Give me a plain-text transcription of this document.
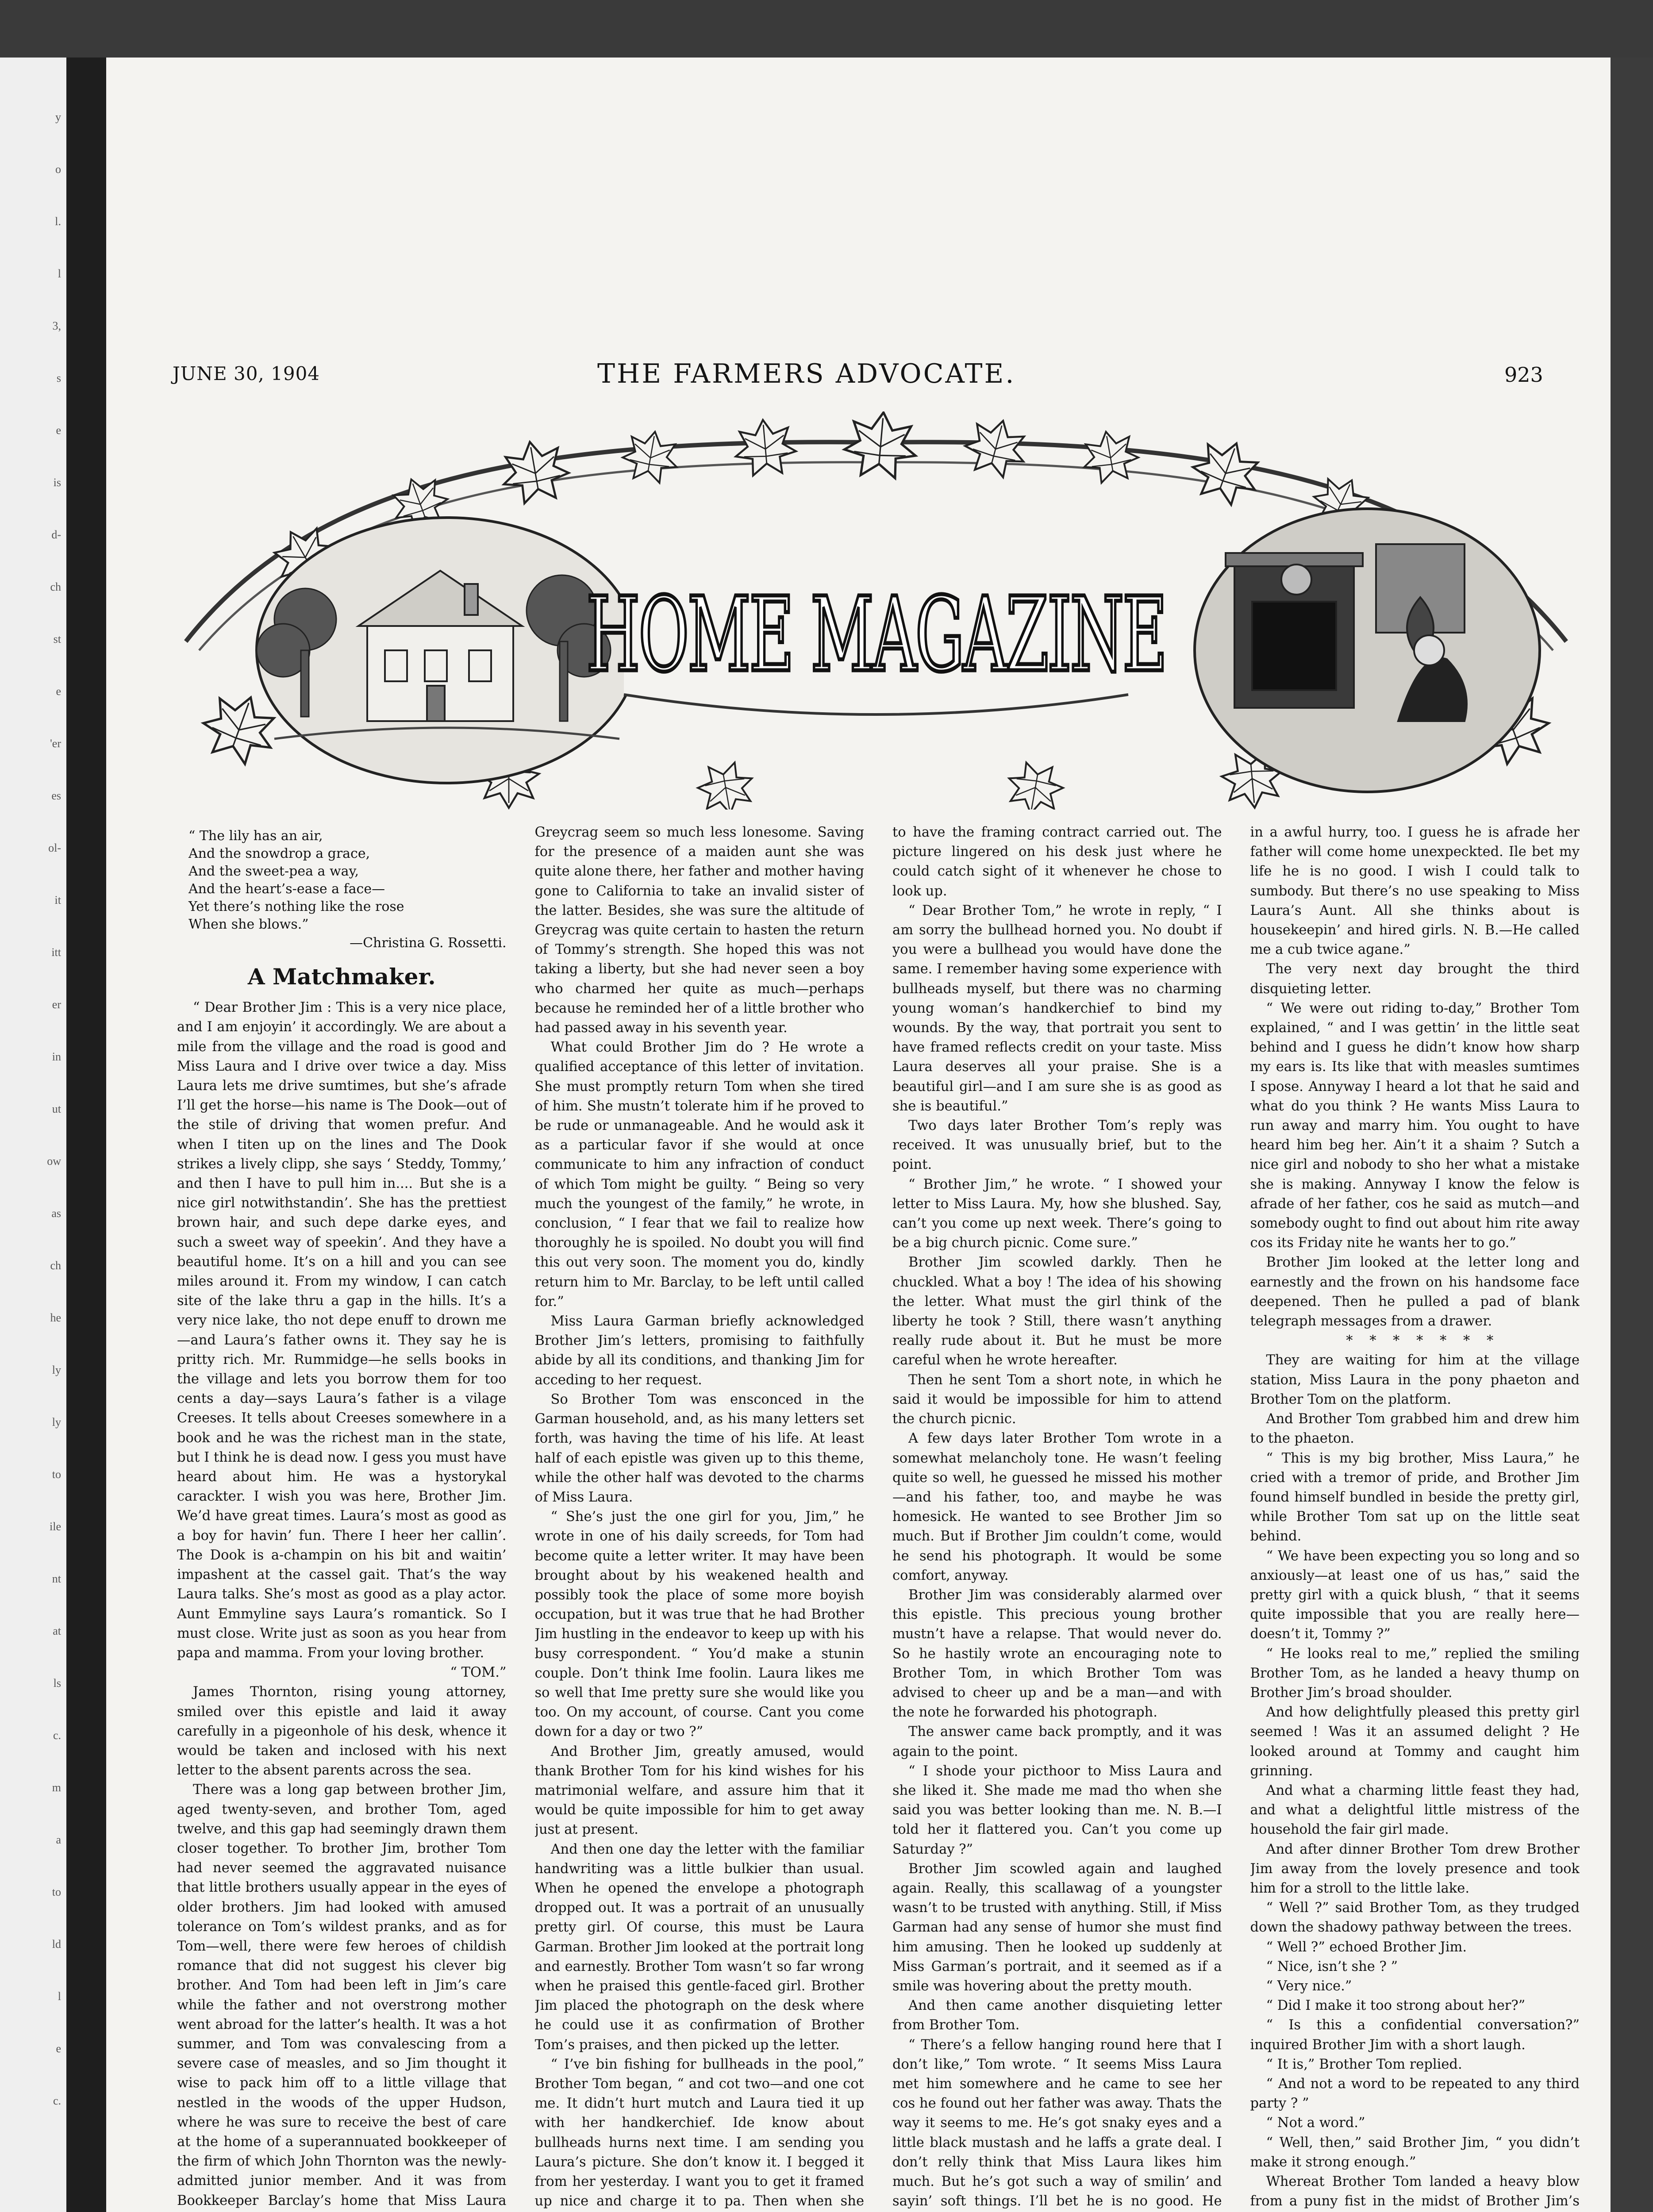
y
o
l.
l
3,
s
e
is
d-
ch
st
e
'er
es
ol-
it
itt
er
in
ut
ow
as
ch
he
ly
ly
to
ile
nt
at
ls
c.
m
a
to
ld
l
e
c.
JUNE 30, 1904	THE FARMERS ADVOCATE.	923
HOME MAGAZINE
“ The lily has an air,
And the snowdrop a grace,
And the sweet-pea a way,
And the heart’s-ease a face—
Yet there’s nothing like the rose
When she blows.”
—Christina G. Rossetti.
A Matchmaker.

“ Dear Brother Jim : This is a very nice place, and I am enjoyin’ it accordingly. We are about a mile from the village and the road is good and Miss Laura and I drive over twice a day. Miss Laura lets me drive sumtimes, but she’s afrade I’ll get the horse—his name is The Dook—out of the stile of driving that women prefur. And when I titen up on the lines and The Dook strikes a lively clipp, she says ‘ Steddy, Tommy,’ and then I have to pull him in.... But she is a nice girl notwithstandin’. She has the prettiest brown hair, and such depe darke eyes, and such a sweet way of speekin’. And they have a beautiful home. It’s on a hill and you can see miles around it. From my window, I can catch site of the lake thru a gap in the hills. It’s a very nice lake, tho not depe enuff to drown me—and Laura’s father owns it. They say he is pritty rich. Mr. Rummidge—he sells books in the village and lets you borrow them for too cents a day—says Laura’s father is a vilage Creeses. It tells about Creeses somewhere in a book and he was the richest man in the state, but I think he is dead now. I gess you must have heard about him. He was a hystorykal carackter. I wish you was here, Brother Jim. We’d have great times. Laura’s most as good as a boy for havin’ fun. There I heer her callin’. The Dook is a-champin on his bit and waitin’ impashent at the cassel gait. That’s the way Laura talks. She’s most as good as a play actor. Aunt Emmyline says Laura’s romantick. So I must close. Write just as soon as you hear from papa and mamma. From your loving brother.

“ TOM.”

James Thornton, rising young attorney, smiled over this epistle and laid it away carefully in a pigeonhole of his desk, whence it would be taken and inclosed with his next letter to the absent parents across the sea.

There was a long gap between brother Jim, aged twenty-seven, and brother Tom, aged twelve, and this gap had seemingly drawn them closer together. To brother Jim, brother Tom had never seemed the aggravated nuisance that little brothers usually appear in the eyes of older brothers. Jim had looked with amused tolerance on Tom’s wildest pranks, and as for Tom—well, there were few heroes of childish romance that did not suggest his clever big brother. And Tom had been left in Jim’s care while the father and not overstrong mother went abroad for the latter’s health. It was a hot summer, and Tom was convalescing from a severe case of measles, and so Jim thought it wise to pack him off to a little village that nestled in the woods of the upper Hudson, where he was sure to receive the best of care at the home of a superannuated bookkeeper of the firm of which John Thornton was the newly-admitted junior member. And it was from Bookkeeper Barclay’s home that Miss Laura

Greycrag seem so much less lonesome. Saving for the presence of a maiden aunt she was quite alone there, her father and mother having gone to California to take an invalid sister of the latter. Besides, she was sure the altitude of Greycrag was quite certain to hasten the return of Tommy’s strength. She hoped this was not taking a liberty, but she had never seen a boy who charmed her quite as much—perhaps because he reminded her of a little brother who had passed away in his seventh year.

What could Brother Jim do ? He wrote a qualified acceptance of this letter of invitation. She must promptly return Tom when she tired of him. She mustn’t tolerate him if he proved to be rude or unmanageable. And he would ask it as a particular favor if she would at once communicate to him any infraction of conduct of which Tom might be guilty. “ Being so very much the youngest of the family,” he wrote, in conclusion, “ I fear that we fail to realize how thoroughly he is spoiled. No doubt you will find this out very soon. The moment you do, kindly return him to Mr. Barclay, to be left until called for.”

Miss Laura Garman briefly acknowledged Brother Jim’s letters, promising to faithfully abide by all its conditions, and thanking Jim for acceding to her request.

So Brother Tom was ensconced in the Garman household, and, as his many letters set forth, was having the time of his life. At least half of each epistle was given up to this theme, while the other half was devoted to the charms of Miss Laura.

“ She’s just the one girl for you, Jim,” he wrote in one of his daily screeds, for Tom had become quite a letter writer. It may have been brought about by his weakened health and possibly took the place of some more boyish occupation, but it was true that he had Brother Jim hustling in the endeavor to keep up with his busy correspondent. “ You’d make a stunin couple. Don’t think Ime foolin. Laura likes me so well that Ime pretty sure she would like you too. On my account, of course. Cant you come down for a day or two ?”

And Brother Jim, greatly amused, would thank Brother Tom for his kind wishes for his matrimonial welfare, and assure him that it would be quite impossible for him to get away just at present.

And then one day the letter with the familiar handwriting was a little bulkier than usual. When he opened the envelope a photograph dropped out. It was a portrait of an unusually pretty girl. Of course, this must be Laura Garman. Brother Jim looked at the portrait long and earnestly. Brother Tom wasn’t so far wrong when he praised this gentle-faced girl. Brother Jim placed the photograph on the desk where he could use it as confirmation of Brother Tom’s praises, and then picked up the letter.

“ I’ve bin fishing for bullheads in the pool,” Brother Tom began, “ and cot two—and one cot me. It didn’t hurt mutch and Laura tied it up with her handkerchief. Ide know about bullheads hurns next time. I am sending you Laura’s picture. She don’t know it. I begged it from her yesterday. I want you to get it framed up nice and charge it to pa. Then when she

to have the framing contract carried out. The picture lingered on his desk just where he could catch sight of it whenever he chose to look up.

“ Dear Brother Tom,” he wrote in reply, “ I am sorry the bullhead horned you. No doubt if you were a bullhead you would have done the same. I remember having some experience with bullheads myself, but there was no charming young woman’s handkerchief to bind my wounds. By the way, that portrait you sent to have framed reflects credit on your taste. Miss Laura deserves all your praise. She is a beautiful girl—and I am sure she is as good as she is beautiful.”

Two days later Brother Tom’s reply was received. It was unusually brief, but to the point.

“ Brother Jim,” he wrote. “ I showed your letter to Miss Laura. My, how she blushed. Say, can’t you come up next week. There’s going to be a big church picnic. Come sure.”

Brother Jim scowled darkly. Then he chuckled. What a boy ! The idea of his showing the letter. What must the girl think of the liberty he took ? Still, there wasn’t anything really rude about it. But he must be more careful when he wrote hereafter.

Then he sent Tom a short note, in which he said it would be impossible for him to attend the church picnic.

A few days later Brother Tom wrote in a somewhat melancholy tone. He wasn’t feeling quite so well, he guessed he missed his mother—and his father, too, and maybe he was homesick. He wanted to see Brother Jim so much. But if Brother Jim couldn’t come, would he send his photograph. It would be some comfort, anyway.

Brother Jim was considerably alarmed over this epistle. This precious young brother mustn’t have a relapse. That would never do. So he hastily wrote an encouraging note to Brother Tom, in which Brother Tom was advised to cheer up and be a man—and with the note he forwarded his photograph.

The answer came back promptly, and it was again to the point.

“ I shode your picthoor to Miss Laura and she liked it. She made me mad tho when she said you was better looking than me. N. B.—I told her it flattered you. Can’t you come up Saturday ?”

Brother Jim scowled again and laughed again. Really, this scallawag of a youngster wasn’t to be trusted with anything. Still, if Miss Garman had any sense of humor she must find him amusing. Then he looked up suddenly at Miss Garman’s portrait, and it seemed as if a smile was hovering about the pretty mouth.

And then came another disquieting letter from Brother Tom.

“ There’s a fellow hanging round here that I don’t like,” Tom wrote. “ It seems Miss Laura met him somewhere and he came to see her cos he found out her father was away. Thats the way it seems to me. He’s got snaky eyes and a little black mustash and he laffs a grate deal. I don’t relly think that Miss Laura likes him much. But he’s got such a way of smilin’ and sayin’ soft things. I’ll bet he is no good. He

in a awful hurry, too. I guess he is afrade her father will come home unexpeckted. Ile bet my life he is no good. I wish I could talk to sumbody. But there’s no use speaking to Miss Laura’s Aunt. All she thinks about is housekeepin’ and hired girls. N. B.—He called me a cub twice agane.”

The very next day brought the third disquieting letter.

“ We were out riding to-day,” Brother Tom explained, “ and I was gettin’ in the little seat behind and I guess he didn’t know how sharp my ears is. Its like that with measles sumtimes I spose. Annyway I heard a lot that he said and what do you think ? He wants Miss Laura to run away and marry him. You ought to have heard him beg her. Ain’t it a shaim ? Sutch a nice girl and nobody to sho her what a mistake she is making. Annyway I know the felow is afrade of her father, cos he said as mutch—and somebody ought to find out about him rite away cos its Friday nite he wants her to go.”

Brother Jim looked at the letter long and earnestly and the frown on his handsome face deepened. Then he pulled a pad of blank telegraph messages from a drawer.

* * * * * * *

They are waiting for him at the village station, Miss Laura in the pony phaeton and Brother Tom on the platform.

And Brother Tom grabbed him and drew him to the phaeton.

“ This is my big brother, Miss Laura,” he cried with a tremor of pride, and Brother Jim found himself bundled in beside the pretty girl, while Brother Tom sat up on the little seat behind.

“ We have been expecting you so long and so anxiously—at least one of us has,” said the pretty girl with a quick blush, “ that it seems quite impossible that you are really here—doesn’t it, Tommy ?”

“ He looks real to me,” replied the smiling Brother Tom, as he landed a heavy thump on Brother Jim’s broad shoulder.

And how delightfully pleased this pretty girl seemed ! Was it an assumed delight ? He looked around at Tommy and caught him grinning.

And what a charming little feast they had, and what a delightful little mistress of the household the fair girl made.

And after dinner Brother Tom drew Brother Jim away from the lovely presence and took him for a stroll to the little lake.

“ Well ?” said Brother Tom, as they trudged down the shadowy pathway between the trees.

“ Well ?” echoed Brother Jim.

“ Nice, isn’t she ? ”

“ Very nice.”

“ Did I make it too strong about her?”

“ Is this a confidential conversation?” inquired Brother Jim with a short laugh.

“ It is,” Brother Tom replied.

“ And not a word to be repeated to any third party ? ”

“ Not a word.”

“ Well, then,” said Brother Jim, “ you didn’t make it strong enough.”

Whereat Brother Tom landed a heavy blow from a puny fist in the midst of Brother Jim’s
